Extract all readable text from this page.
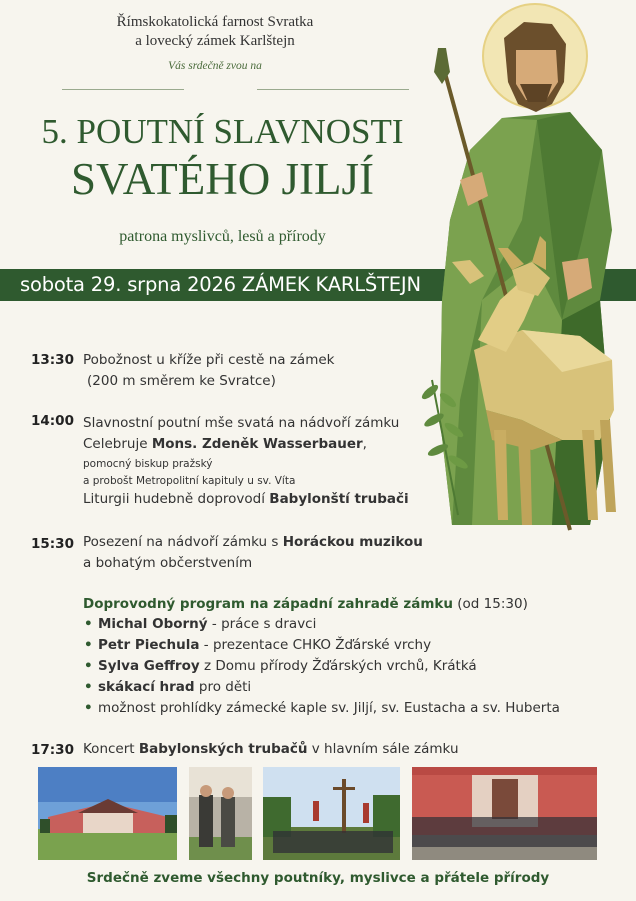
Římskokatolická farnost Svratka
a lovecký zámek Karlštejn
Vás srdečně zvou na
5. POUTNÍ SLAVNOSTI
SVATÉHO JILJÍ
patrona myslivců, lesů a přírody
sobota 29. srpna 2026 ZÁMEK KARLŠTEJN
13:30 Pobožnost u kříže při cestě na zámek
(200 m směrem ke Svratce)
14:00 Slavnostní poutní mše svatá na nádvoří zámku
Celebruje Mons. Zdeněk Wasserbauer,
pomocný biskup pražský
a probošt Metropolitní kapituly u sv. Víta
Liturgii hudebně doprovodí Babylonští trubači
15:30 Posezení na nádvoří zámku s Horáckou muzikou
a bohatým občerstvením
Doprovodný program na západní zahradě zámku (od 15:30)
• Michal Oborný - práce s dravci
• Petr Piechula - prezentace CHKO Žďárské vrchy
• Sylva Geffroy z Domu přírody Žďárských vrchů, Krátká
• skákací hrad pro děti
• možnost prohlídky zámecké kaple sv. Jiljí, sv. Eustacha a sv. Huberta
17:30 Koncert Babylonských trubačů v hlavním sále zámku
Srdečně zveme všechny poutníky, myslivce a přátele přírody
